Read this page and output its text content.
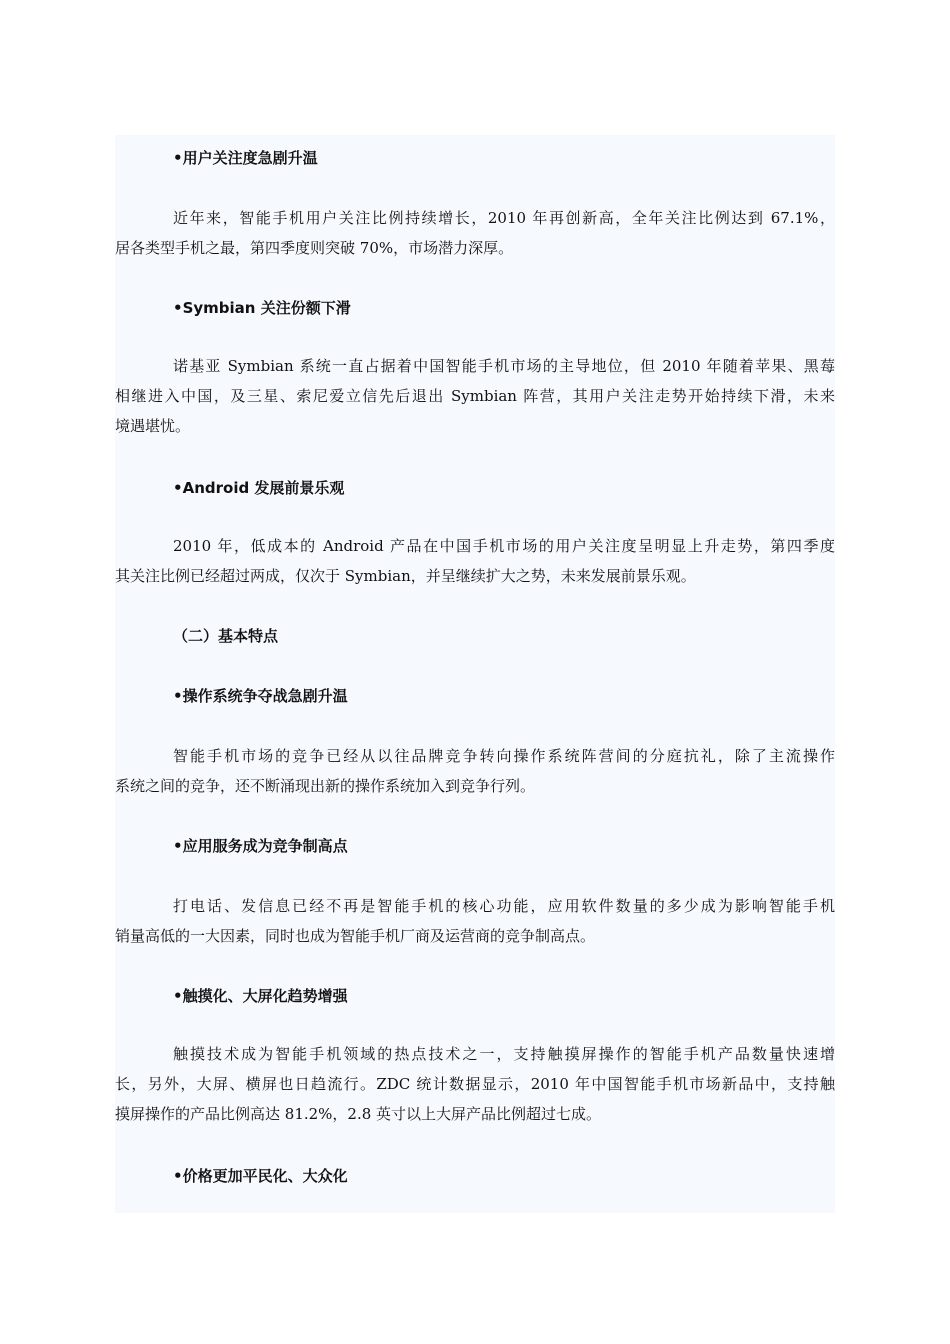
•用户关注度急剧升温

近年来，智能手机用户关注比例持续增长，2010 年再创新高，全年关注比例达到 67.1%，
居各类型手机之最，第四季度则突破 70%，市场潜力深厚。

•Symbian 关注份额下滑

诺基亚 Symbian 系统一直占据着中国智能手机市场的主导地位，但 2010 年随着苹果、黑莓
相继进入中国，及三星、索尼爱立信先后退出 Symbian 阵营，其用户关注走势开始持续下滑，未来
境遇堪忧。

•Android 发展前景乐观

2010 年，低成本的 Android 产品在中国手机市场的用户关注度呈明显上升走势，第四季度
其关注比例已经超过两成，仅次于 Symbian，并呈继续扩大之势，未来发展前景乐观。

（二）基本特点
•操作系统争夺战急剧升温

智能手机市场的竞争已经从以往品牌竞争转向操作系统阵营间的分庭抗礼，除了主流操作
系统之间的竞争，还不断涌现出新的操作系统加入到竞争行列。

•应用服务成为竞争制高点

打电话、发信息已经不再是智能手机的核心功能，应用软件数量的多少成为影响智能手机
销量高低的一大因素，同时也成为智能手机厂商及运营商的竞争制高点。

•触摸化、大屏化趋势增强

触摸技术成为智能手机领域的热点技术之一，支持触摸屏操作的智能手机产品数量快速增
长，另外，大屏、横屏也日趋流行。ZDC 统计数据显示，2010 年中国智能手机市场新品中，支持触
摸屏操作的产品比例高达 81.2%，2.8 英寸以上大屏产品比例超过七成。

•价格更加平民化、大众化
